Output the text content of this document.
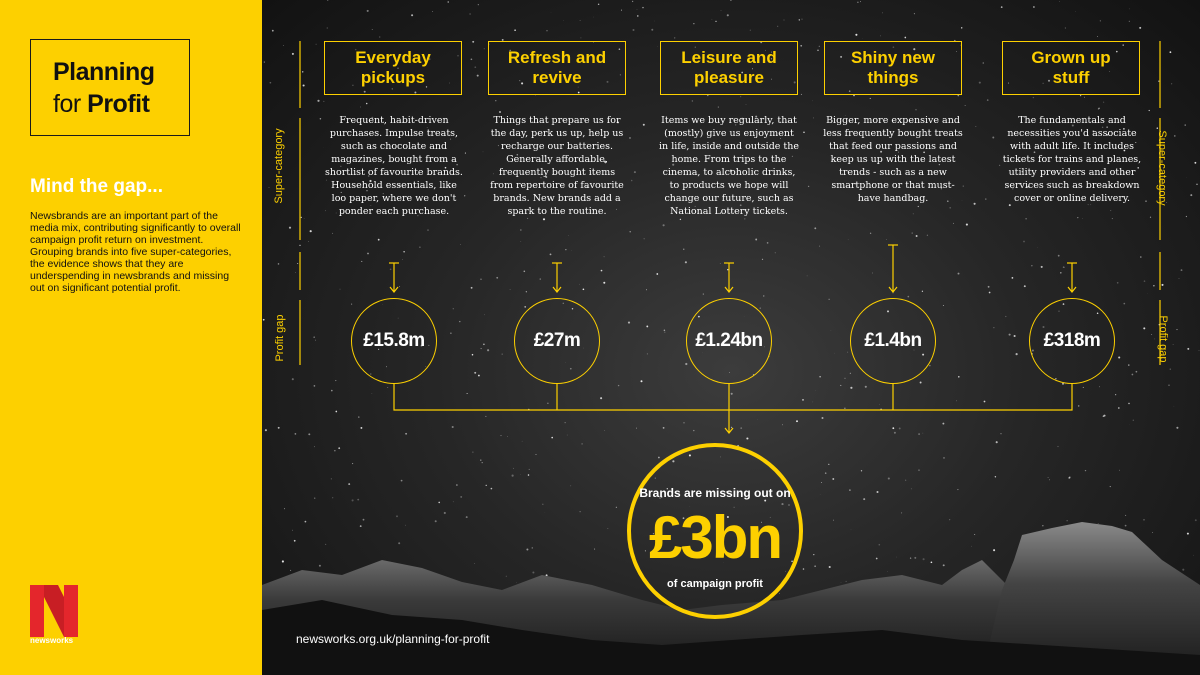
Planning
for Profit
Mind the gap...
Newsbrands are an important part of the media mix, contributing significantly to overall campaign profit return on investment. Grouping brands into five super-categories, the evidence shows that they are underspending in newsbrands and missing out on significant potential profit.
newsworks
Super-category
Profit gap
Super-category
Profit gap
Everyday
pickups
Refresh and
revive
Leisure and
pleasure
Shiny new
things
Grown up
stuff
Frequent, habit-driven purchases. Impulse treats, such as chocolate and magazines, bought from a shortlist of favourite brands. Household essentials, like loo paper, where we don't ponder each purchase.
Things that prepare us for the day, perk us up, help us recharge our batteries. Generally affordable, frequently bought items from repertoire of favourite brands. New brands add a spark to the routine.
Items we buy regularly, that (mostly) give us enjoyment in life, inside and outside the home. From trips to the cinema, to alcoholic drinks, to products we hope will change our future, such as National Lottery tickets.
Bigger, more expensive and less frequently bought treats that feed our passions and keep us up with the latest trends - such as a new smartphone or that must-have handbag.
The fundamentals and necessities you'd associate with adult life. It includes tickets for trains and planes, utility providers and other services such as breakdown cover or online delivery.
£15.8m	£27m	£1.24bn	£1.4bn	£318m
Brands are missing out on
£3bn
of campaign profit
newsworks.org.uk/planning-for-profit
